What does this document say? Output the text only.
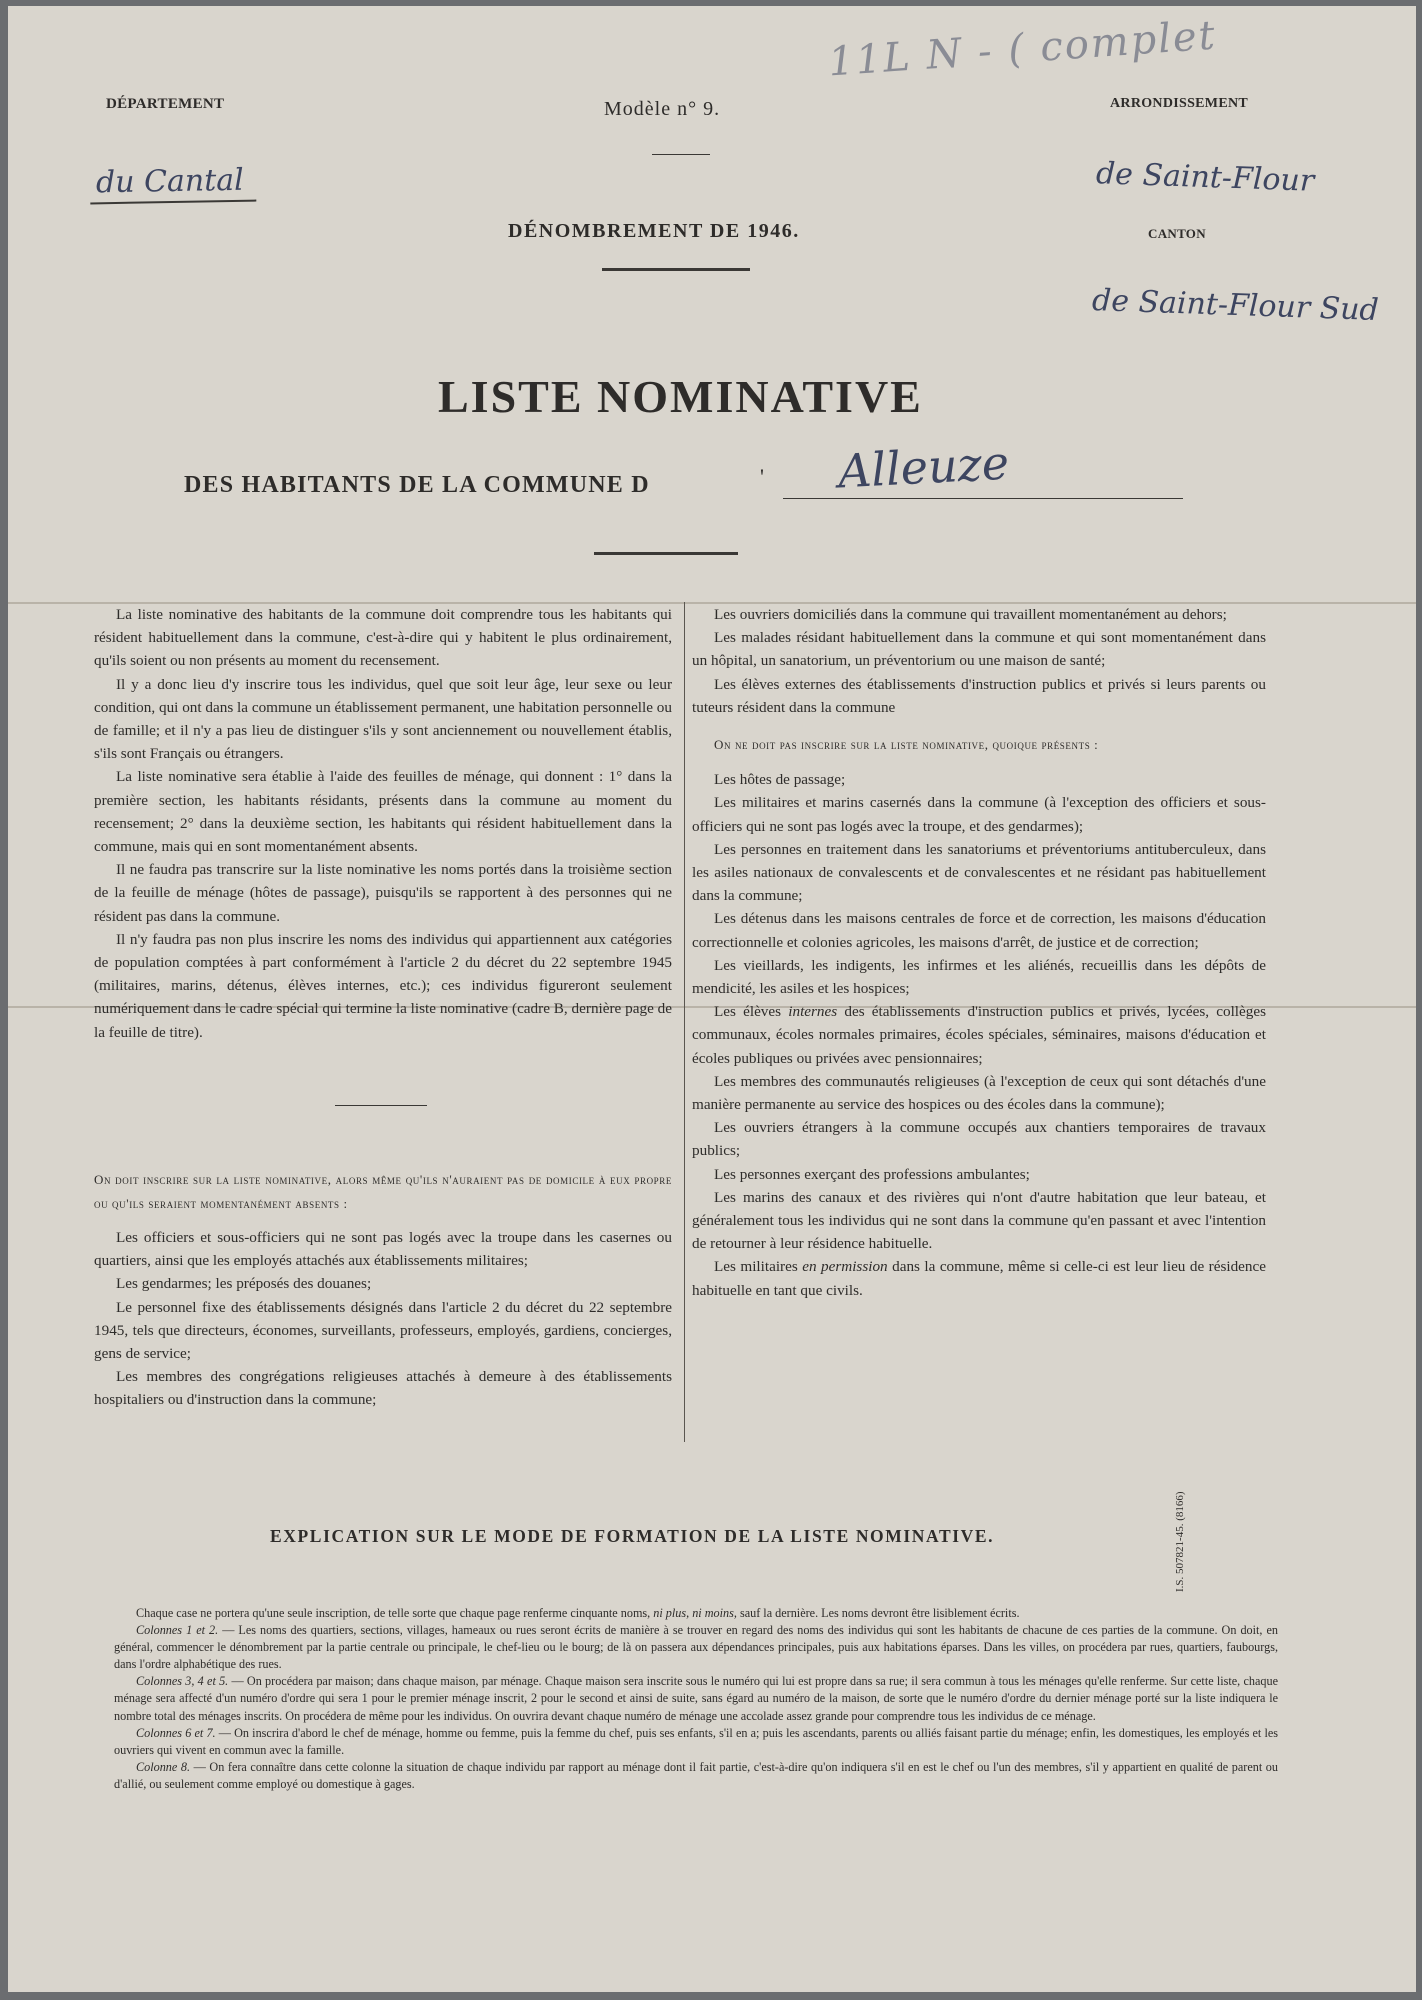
11L N - ( complet
DÉPARTEMENT
du Cantal
Modèle n° 9.	ARRONDISSEMENT
de Saint-Flour
DÉNOMBREMENT DE 1946.	CANTON
de Saint-Flour Sud
LISTE NOMINATIVE
DES HABITANTS DE LA COMMUNE D	' Alleuze

La liste nominative des habitants de la commune doit comprendre tous les habitants qui résident habituellement dans la commune, c'est-à-dire qui y habitent le plus ordinairement, qu'ils soient ou non présents au moment du recensement.

Il y a donc lieu d'y inscrire tous les individus, quel que soit leur âge, leur sexe ou leur condition, qui ont dans la commune un établissement permanent, une habitation personnelle ou de famille; et il n'y a pas lieu de distinguer s'ils y sont anciennement ou nouvellement établis, s'ils sont Français ou étrangers.

La liste nominative sera établie à l'aide des feuilles de ménage, qui donnent : 1° dans la première section, les habitants résidants, présents dans la commune au moment du recensement; 2° dans la deuxième section, les habitants qui résident habituellement dans la commune, mais qui en sont momentanément absents.

Il ne faudra pas transcrire sur la liste nominative les noms portés dans la troisième section de la feuille de ménage (hôtes de passage), puisqu'ils se rapportent à des personnes qui ne résident pas dans la commune.

Il n'y faudra pas non plus inscrire les noms des individus qui appartiennent aux catégories de population comptées à part conformément à l'article 2 du décret du 22 septembre 1945 (militaires, marins, détenus, élèves internes, etc.); ces individus figureront seulement numériquement dans le cadre spécial qui termine la liste nominative (cadre B, dernière page de la feuille de titre).

On doit inscrire sur la liste nominative, alors même qu'ils n'auraient pas de domicile à eux propre ou qu'ils seraient momentanément absents :

Les officiers et sous-officiers qui ne sont pas logés avec la troupe dans les casernes ou quartiers, ainsi que les employés attachés aux établissements militaires;

Les gendarmes; les préposés des douanes;

Le personnel fixe des établissements désignés dans l'article 2 du décret du 22 septembre 1945, tels que directeurs, économes, surveillants, professeurs, employés, gardiens, concierges, gens de service;

Les membres des congrégations religieuses attachés à demeure à des établissements hospitaliers ou d'instruction dans la commune;

Les ouvriers domiciliés dans la commune qui travaillent momentanément au dehors;

Les malades résidant habituellement dans la commune et qui sont momentanément dans un hôpital, un sanatorium, un préventorium ou une maison de santé;

Les élèves externes des établissements d'instruction publics et privés si leurs parents ou tuteurs résident dans la commune

On ne doit pas inscrire sur la liste nominative, quoique présents :

Les hôtes de passage;

Les militaires et marins casernés dans la commune (à l'exception des officiers et sous-officiers qui ne sont pas logés avec la troupe, et des gendarmes);

Les personnes en traitement dans les sanatoriums et préventoriums antituberculeux, dans les asiles nationaux de convalescents et de convalescentes et ne résidant pas habituellement dans la commune;

Les détenus dans les maisons centrales de force et de correction, les maisons d'éducation correctionnelle et colonies agricoles, les maisons d'arrêt, de justice et de correction;

Les vieillards, les indigents, les infirmes et les aliénés, recueillis dans les dépôts de mendicité, les asiles et les hospices;

Les élèves internes des établissements d'instruction publics et privés, lycées, collèges communaux, écoles normales primaires, écoles spéciales, séminaires, maisons d'éducation et écoles publiques ou privées avec pensionnaires;

Les membres des communautés religieuses (à l'exception de ceux qui sont détachés d'une manière permanente au service des hospices ou des écoles dans la commune);

Les ouvriers étrangers à la commune occupés aux chantiers temporaires de travaux publics;

Les personnes exerçant des professions ambulantes;

Les marins des canaux et des rivières qui n'ont d'autre habitation que leur bateau, et généralement tous les individus qui ne sont dans la commune qu'en passant et avec l'intention de retourner à leur résidence habituelle.

Les militaires en permission dans la commune, même si celle-ci est leur lieu de résidence habituelle en tant que civils.

EXPLICATION SUR LE MODE DE FORMATION DE LA LISTE NOMINATIVE.

Chaque case ne portera qu'une seule inscription, de telle sorte que chaque page renferme cinquante noms, ni plus, ni moins, sauf la dernière. Les noms devront être lisiblement écrits.

Colonnes 1 et 2. — Les noms des quartiers, sections, villages, hameaux ou rues seront écrits de manière à se trouver en regard des noms des individus qui sont les habitants de chacune de ces parties de la commune. On doit, en général, commencer le dénombrement par la partie centrale ou principale, le chef-lieu ou le bourg; de là on passera aux dépendances principales, puis aux habitations éparses. Dans les villes, on procédera par rues, quartiers, faubourgs, dans l'ordre alphabétique des rues.

Colonnes 3, 4 et 5. — On procédera par maison; dans chaque maison, par ménage. Chaque maison sera inscrite sous le numéro qui lui est propre dans sa rue; il sera commun à tous les ménages qu'elle renferme. Sur cette liste, chaque ménage sera affecté d'un numéro d'ordre qui sera 1 pour le premier ménage inscrit, 2 pour le second et ainsi de suite, sans égard au numéro de la maison, de sorte que le numéro d'ordre du dernier ménage porté sur la liste indiquera le nombre total des ménages inscrits. On procédera de même pour les individus. On ouvrira devant chaque numéro de ménage une accolade assez grande pour comprendre tous les individus de ce ménage.

Colonnes 6 et 7. — On inscrira d'abord le chef de ménage, homme ou femme, puis la femme du chef, puis ses enfants, s'il en a; puis les ascendants, parents ou alliés faisant partie du ménage; enfin, les domestiques, les employés et les ouvriers qui vivent en commun avec la famille.

Colonne 8. — On fera connaître dans cette colonne la situation de chaque individu par rapport au ménage dont il fait partie, c'est-à-dire qu'on indiquera s'il en est le chef ou l'un des membres, s'il y appartient en qualité de parent ou d'allié, ou seulement comme employé ou domestique à gages.

I.S. 507821-45. (8166)
